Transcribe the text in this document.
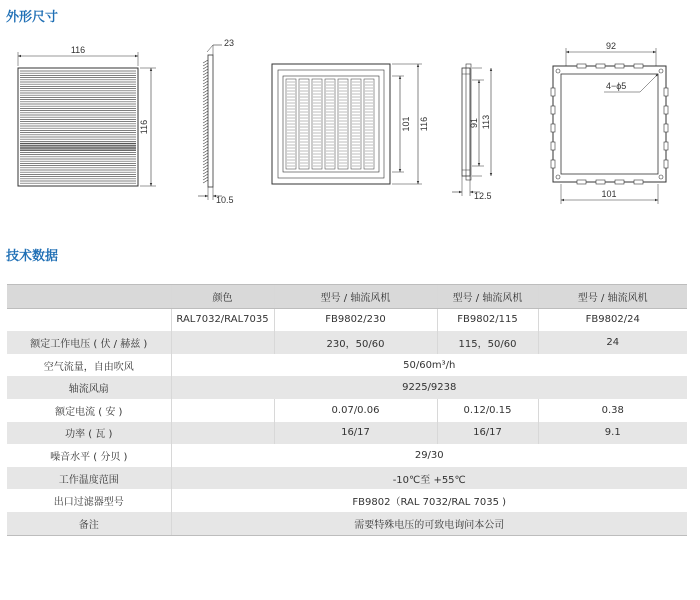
外形尺寸
116
116
23
10.5
101 116	91 113
12.5
92
101
4−ϕ5
技术数据
	颜色	型号 / 轴流风机	型号 / 轴流风机	型号 / 轴流风机
	RAL7032/RAL7035	FB9802/230	FB9802/115	FB9802/24
额定工作电压 ( 伏 / 赫兹 )		230，50/60	115，50/60	24
空气流量，自由吹风	50/60m³/h			
轴流风扇	9225/9238			
额定电流 ( 安 )		0.07/0.06	0.12/0.15	0.38
功率 ( 瓦 )		16/17	16/17	9.1
噪音水平 ( 分贝 )	29/30			
工作温度范围	-10℃至 +55℃			
出口过滤器型号	FB9802（RAL 7032/RAL 7035 )			
备注	需要特殊电压的可致电询问本公司			
